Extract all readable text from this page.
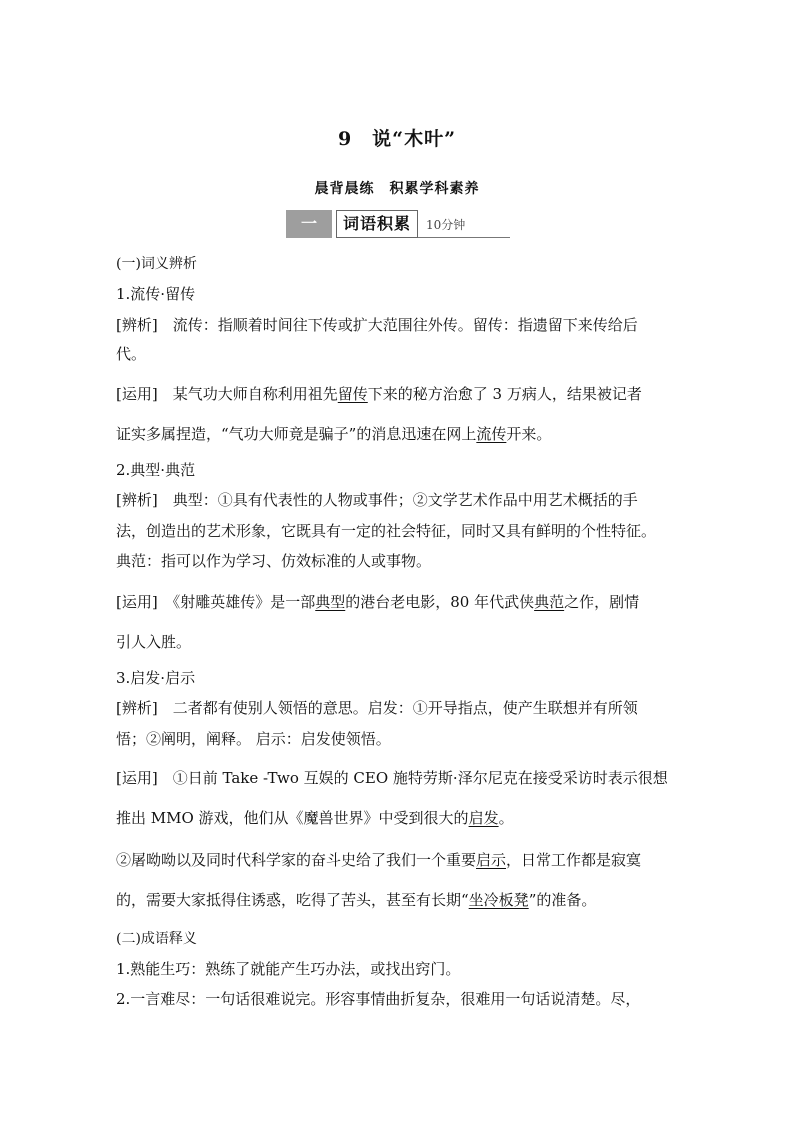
9　说“木叶”
晨背晨练　积累学科素养
一	词语积累	10分钟
(一)词义辨析
1.流传·留传
[辨析]　 流传：指顺着时间往下传或扩大范围往外传。留传：指遗留下来传给后
代。
[运用]　 某气功大师自称利用祖先留传下来的秘方治愈了 3 万病人，结果被记者
证实多属捏造，“气功大师竟是骗子”的消息迅速在网上流传开来。
2.典型·典范
[辨析]　 典型：①具有代表性的人物或事件；②文学艺术作品中用艺术概括的手
法，创造出的艺术形象，它既具有一定的社会特征，同时又具有鲜明的个性特征。
典范：指可以作为学习、仿效标准的人或事物。
[运用]　 《射雕英雄传》是一部典型的港台老电影，80 年代武侠典范之作，剧情
引人入胜。
3.启发·启示
[辨析]　 二者都有使别人领悟的意思。启发：①开导指点，使产生联想并有所领
悟；②阐明，阐释。 启示：启发使领悟。
[运用]　 ①日前 Take -Two 互娱的 CEO 施特劳斯·泽尔尼克在接受采访时表示很想
推出 MMO 游戏，他们从《魔兽世界》中受到很大的启发。
②屠呦呦以及同时代科学家的奋斗史给了我们一个重要启示，日常工作都是寂寞
的，需要大家抵得住诱惑，吃得了苦头，甚至有长期“坐冷板凳”的准备。
(二)成语释义
1.熟能生巧：熟练了就能产生巧办法，或找出窍门。
2.一言难尽：一句话很难说完。形容事情曲折复杂，很难用一句话说清楚。尽，
